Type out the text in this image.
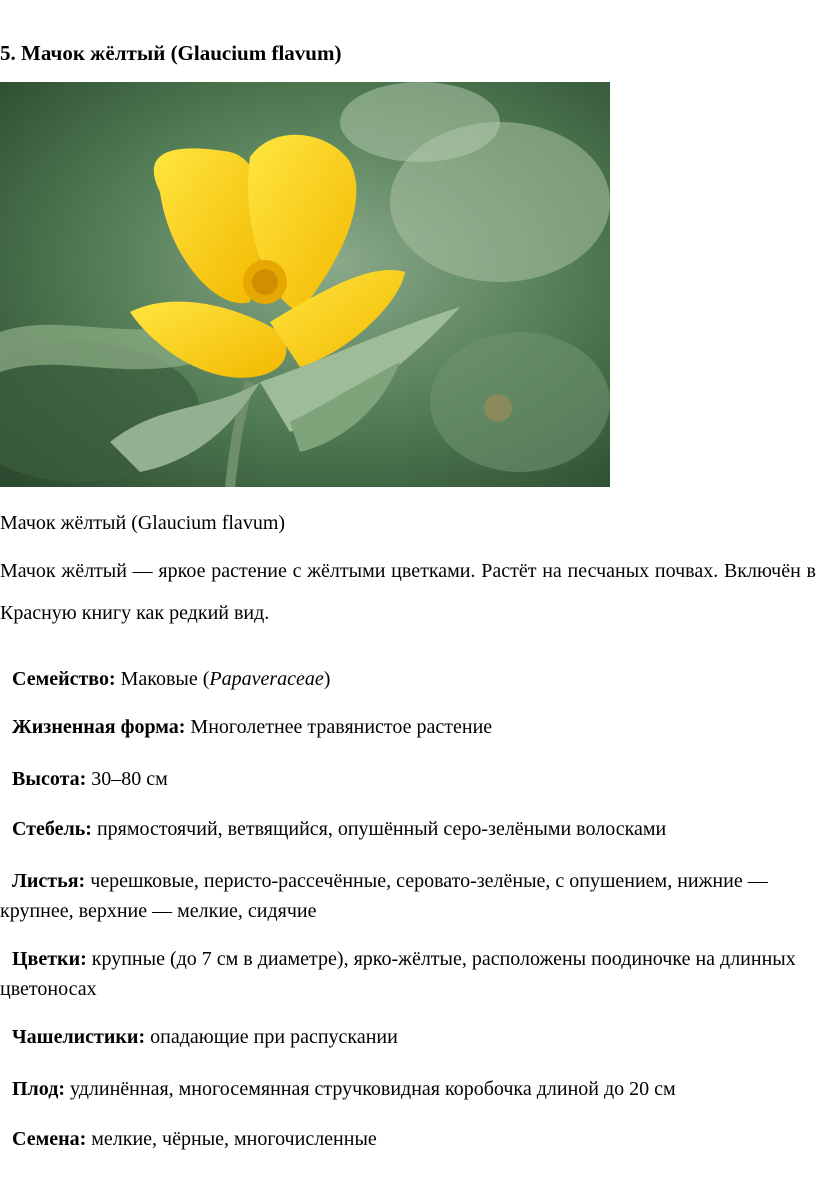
5. Мачок жёлтый (Glaucium flavum)
Мачок жёлтый (Glaucium flavum)
Мачок жёлтый — яркое растение с жёлтыми цветками. Растёт на песчаных почвах. Включён в Красную книгу как редкий вид.
Семейство: Маковые (Papaveraceae)
Жизненная форма: Многолетнее травянистое растение
Высота: 30–80 см
Стебель: прямостоячий, ветвящийся, опушённый серо-зелёными волосками
Листья: черешковые, перисто-рассечённые, серовато-зелёные, с опушением, нижние — крупнее, верхние — мелкие, сидячие
Цветки: крупные (до 7 см в диаметре), ярко-жёлтые, расположены поодиночке на длинных цветоносах
Чашелистики: опадающие при распускании
Плод: удлинённая, многосемянная стручковидная коробочка длиной до 20 см
Семена: мелкие, чёрные, многочисленные
